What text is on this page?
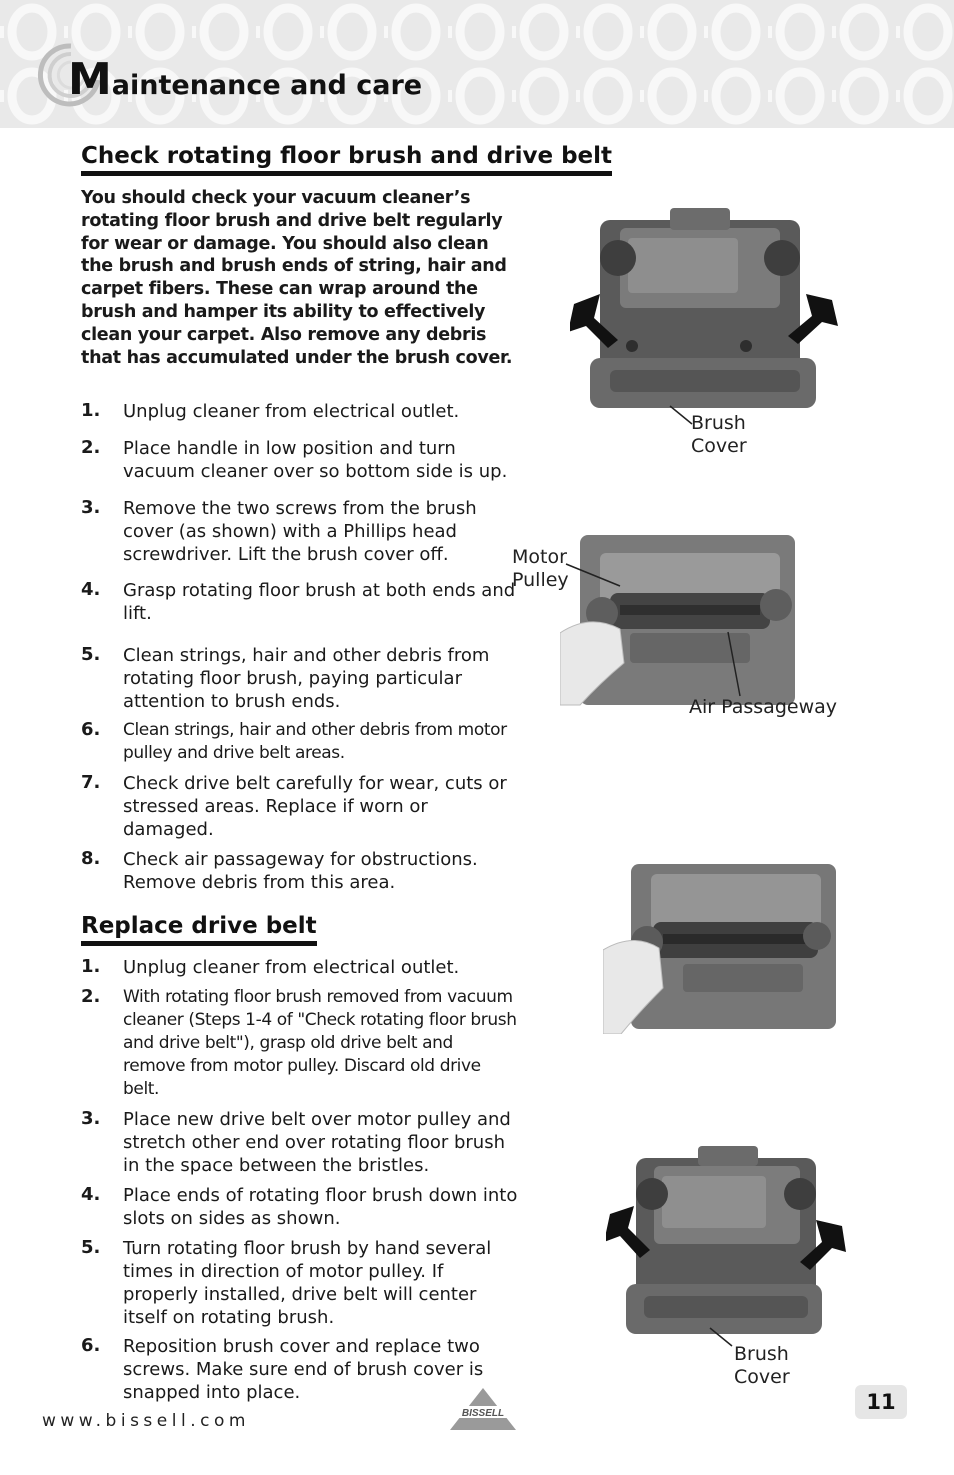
Maintenance and care
Check rotating floor brush and drive belt

You should check your vacuum cleaner’s rotating floor brush and drive belt regularly for wear or damage. You should also clean the brush and brush ends of string, hair and carpet fibers. These can wrap around the brush and hamper its ability to effectively clean your carpet. Also remove any debris that has accumulated under the brush cover.

1. Unplug cleaner from electrical outlet.
2. Place handle in low position and turn vacuum cleaner over so bottom side is up.
3. Remove the two screws from the brush cover (as shown) with a Phillips head screwdriver. Lift the brush cover off.
4. Grasp rotating floor brush at both ends and lift.
5. Clean strings, hair and other debris from rotating floor brush, paying particular attention to brush ends.
6. Clean strings, hair and other debris from motor pulley and drive belt areas.
7. Check drive belt carefully for wear, cuts or stressed areas. Replace if worn or damaged.
8. Check air passageway for obstructions. Remove debris from this area.
Replace drive belt
1. Unplug cleaner from electrical outlet.
2. With rotating floor brush removed from vacuum cleaner (Steps 1-4 of "Check rotating floor brush and drive belt"), grasp old drive belt and remove from motor pulley. Discard old drive belt.
3. Place new drive belt over motor pulley and stretch other end over rotating floor brush in the space between the bristles.
4. Place ends of rotating floor brush down into slots on sides as shown.
5. Turn rotating floor brush by hand several times in direction of motor pulley. If properly installed, drive belt will center itself on rotating brush.
6. Reposition brush cover and replace two screws. Make sure end of brush cover is snapped into place.
Brush
Cover
Motor
Pulley
Air Passageway
Brush
Cover
www.bissell.com	BISSELL	11
